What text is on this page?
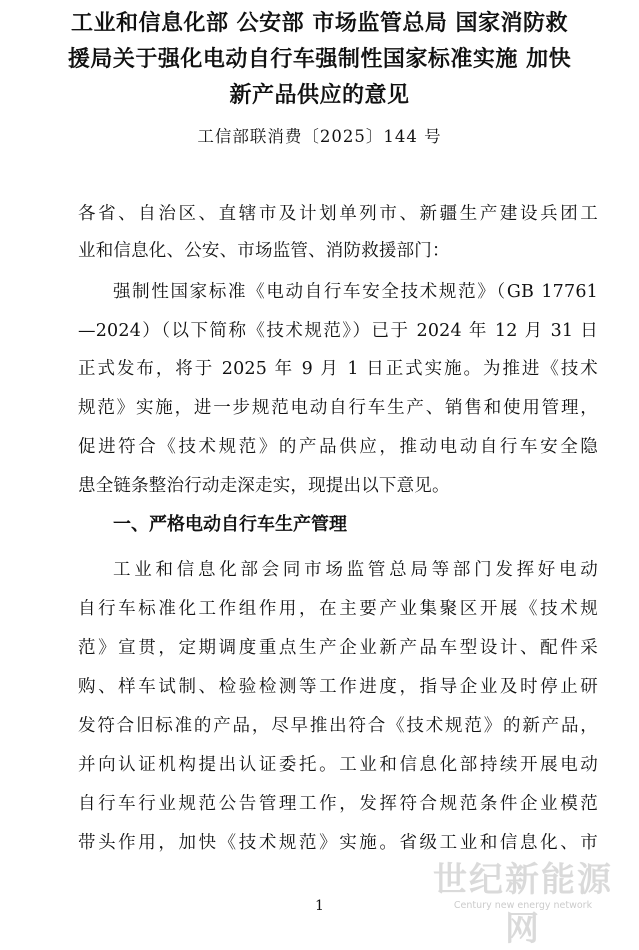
工业和信息化部 公安部 市场监管总局 国家消防救
援局关于强化电动自行车强制性国家标准实施 加快
新产品供应的意见
工信部联消费〔2025〕144 号
各省、自治区、直辖市及计划单列市、新疆生产建设兵团工
业和信息化、公安、市场监管、消防救援部门：
强制性国家标准《电动自行车安全技术规范》（GB 17761
—2024）（以下简称《技术规范》）已于 2024 年 12 月 31 日
正式发布，将于 2025 年 9 月 1 日正式实施。为推进《技术
规范》实施，进一步规范电动自行车生产、销售和使用管理，
促进符合《技术规范》的产品供应，推动电动自行车安全隐
患全链条整治行动走深走实，现提出以下意见。
一、严格电动自行车生产管理
工业和信息化部会同市场监管总局等部门发挥好电动
自行车标准化工作组作用，在主要产业集聚区开展《技术规
范》宣贯，定期调度重点生产企业新产品车型设计、配件采
购、样车试制、检验检测等工作进度，指导企业及时停止研
发符合旧标准的产品，尽早推出符合《技术规范》的新产品，
并向认证机构提出认证委托。工业和信息化部持续开展电动
自行车行业规范公告管理工作，发挥符合规范条件企业模范
带头作用，加快《技术规范》实施。省级工业和信息化、市
1
世纪新能源网
Century new energy network
